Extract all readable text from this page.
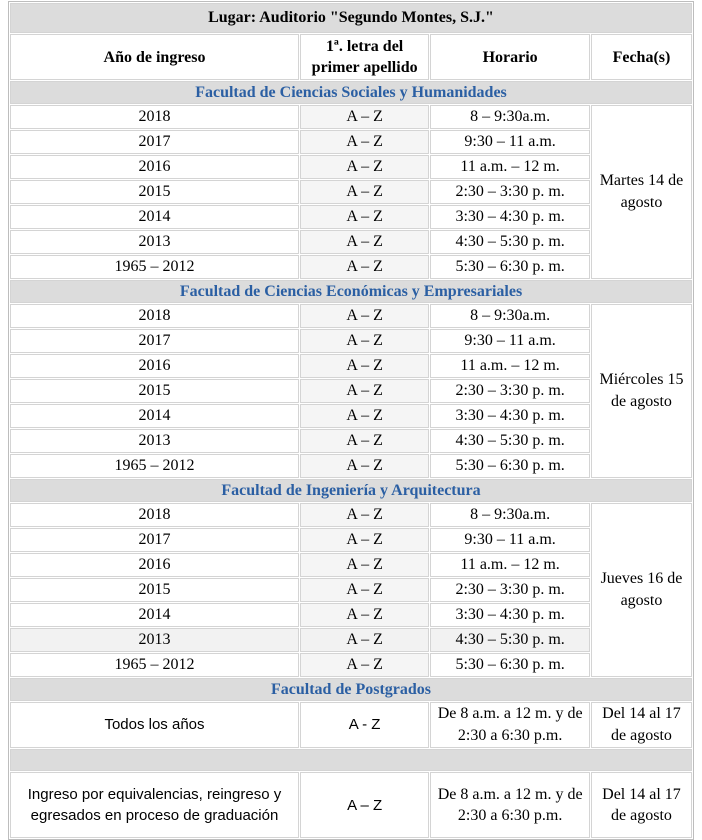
Lugar: Auditorio "Segundo Montes, S.J."			
Año de ingreso	1ª. letra del primer apellido	Horario	Fecha(s)
Facultad de Ciencias Sociales y Humanidades			
2018	A – Z	8 – 9:30a.m.	Martes 14 de agosto
2017	A – Z	9:30 – 11 a.m.	
2016	A – Z	11 a.m. – 12 m.	
2015	A – Z	2:30 – 3:30 p. m.	
2014	A – Z	3:30 – 4:30 p. m.	
2013	A – Z	4:30 – 5:30 p. m.	
1965 – 2012	A – Z	5:30 – 6:30 p. m.	
Facultad de Ciencias Económicas y Empresariales			
2018	A – Z	8 – 9:30a.m.	Miércoles 15 de agosto
2017	A – Z	9:30 – 11 a.m.	
2016	A – Z	11 a.m. – 12 m.	
2015	A – Z	2:30 – 3:30 p. m.	
2014	A – Z	3:30 – 4:30 p. m.	
2013	A – Z	4:30 – 5:30 p. m.	
1965 – 2012	A – Z	5:30 – 6:30 p. m.	
Facultad de Ingeniería y Arquitectura			
2018	A – Z	8 – 9:30a.m.	Jueves 16 de agosto
2017	A – Z	9:30 – 11 a.m.	
2016	A – Z	11 a.m. – 12 m.	
2015	A – Z	2:30 – 3:30 p. m.	
2014	A – Z	3:30 – 4:30 p. m.	
2013	A – Z	4:30 – 5:30 p. m.	
1965 – 2012	A – Z	5:30 – 6:30 p. m.	
Facultad de Postgrados			
Todos los años	A - Z	De 8 a.m. a 12 m. y de 2:30 a 6:30 p.m.	Del 14 al 17 de agosto

Ingreso por equivalencias, reingreso y egresados en proceso de graduación	A – Z	De 8 a.m. a 12 m. y de 2:30 a 6:30 p.m.	Del 14 al 17 de agosto
